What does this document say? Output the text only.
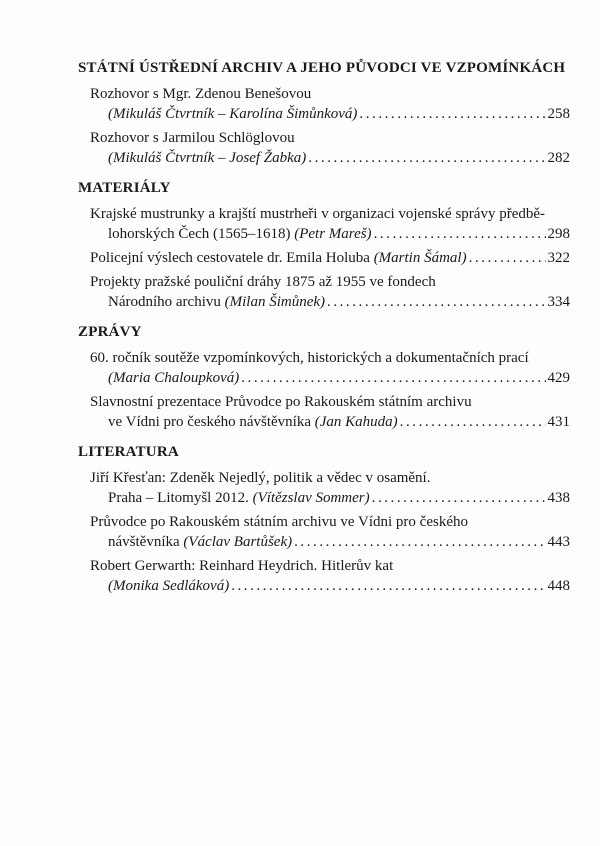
STÁTNÍ ÚSTŘEDNÍ ARCHIV A JEHO PŮVODCI VE VZPOMÍNKÁCH
Rozhovor s Mgr. Zdenou Benešovou
(Mikuláš Čtvrtník – Karolína Šimůnková) . . .	258
Rozhovor s Jarmilou Schlöglovou
(Mikuláš Čtvrtník – Josef Žabka) . . .	282
MATERIÁLY
Krajské mustrunky a krajští mustrheři v organizaci vojenské správy předbě-
lohorských Čech (1565–1618)
(Petr Mareš) . . .	298
Policejní výslech cestovatele dr. Emila Holuba
(Martin Šámal) . . .	322
Projekty pražské pouliční dráhy 1875 až 1955 ve fondech
Národního archivu
(Milan Šimůnek) . . .	334
ZPRÁVY
60. ročník soutěže vzpomínkových, historických a dokumentačních prací
(Maria Chaloupková) . . .	429
Slavnostní prezentace Průvodce po Rakouském státním archivu
ve Vídni pro českého návštěvníka
(Jan Kahuda) . . .	431
LITERATURA
Jiří Křesťan: Zdeněk Nejedlý, politik a vědec v osamění.
Praha – Litomyšl 2012.
(Vítězslav Sommer) . . .	438
Průvodce po Rakouském státním archivu ve Vídni pro českého
návštěvníka
(Václav Bartůšek) . . .	443
Robert Gerwarth: Reinhard Heydrich. Hitlerův kat
(Monika Sedláková) . . .	448
